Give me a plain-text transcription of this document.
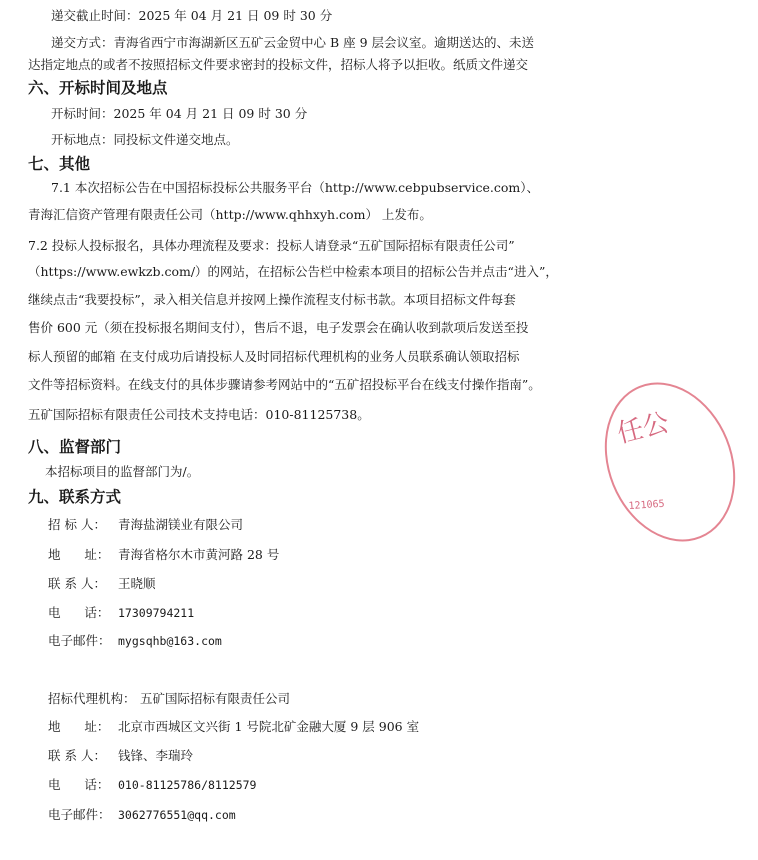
递交截止时间：2025 年 04 月 21 日 09 时 30 分
递交方式：青海省西宁市海湖新区五矿云金贸中心 B 座 9 层会议室。逾期送达的、未送
达指定地点的或者不按照招标文件要求密封的投标文件，招标人将予以拒收。纸质文件递交
六、开标时间及地点
开标时间：2025 年 04 月 21 日 09 时 30 分
开标地点：同投标文件递交地点。
七、其他
7.1 本次招标公告在中国招标投标公共服务平台（http://www.cebpubservice.com）、
青海汇信资产管理有限责任公司（http://www.qhhxyh.com） 上发布。
7.2 投标人投标报名，具体办理流程及要求：投标人请登录“五矿国际招标有限责任公司”
（https://www.ewkzb.com/）的网站，在招标公告栏中检索本项目的招标公告并点击“进入”，
继续点击“我要投标”，录入相关信息并按网上操作流程支付标书款。本项目招标文件每套
售价 600 元（须在投标报名期间支付），售后不退，电子发票会在确认收到款项后发送至投
标人预留的邮箱 在支付成功后请投标人及时同招标代理机构的业务人员联系确认领取招标
文件等招标资料。在线支付的具体步骤请参考网站中的“五矿招投标平台在线支付操作指南”。
五矿国际招标有限责任公司技术支持电话：010-81125738。
八、监督部门
本招标项目的监督部门为/。
九、联系方式
招 标 人： 青海盐湖镁业有限公司
地      址： 青海省格尔木市黄河路 28 号
联 系 人： 王晓顺
电      话： 17309794211
电子邮件： mygsqhb@163.com
招标代理机构： 五矿国际招标有限责任公司
地      址： 北京市西城区文兴街 1 号院北矿金融大厦 9 层 906 室
联 系 人： 钱锋、李瑞玲
电      话： 010-81125786/8112579
电子邮件： 3062776551@qq.com
任公
121065
